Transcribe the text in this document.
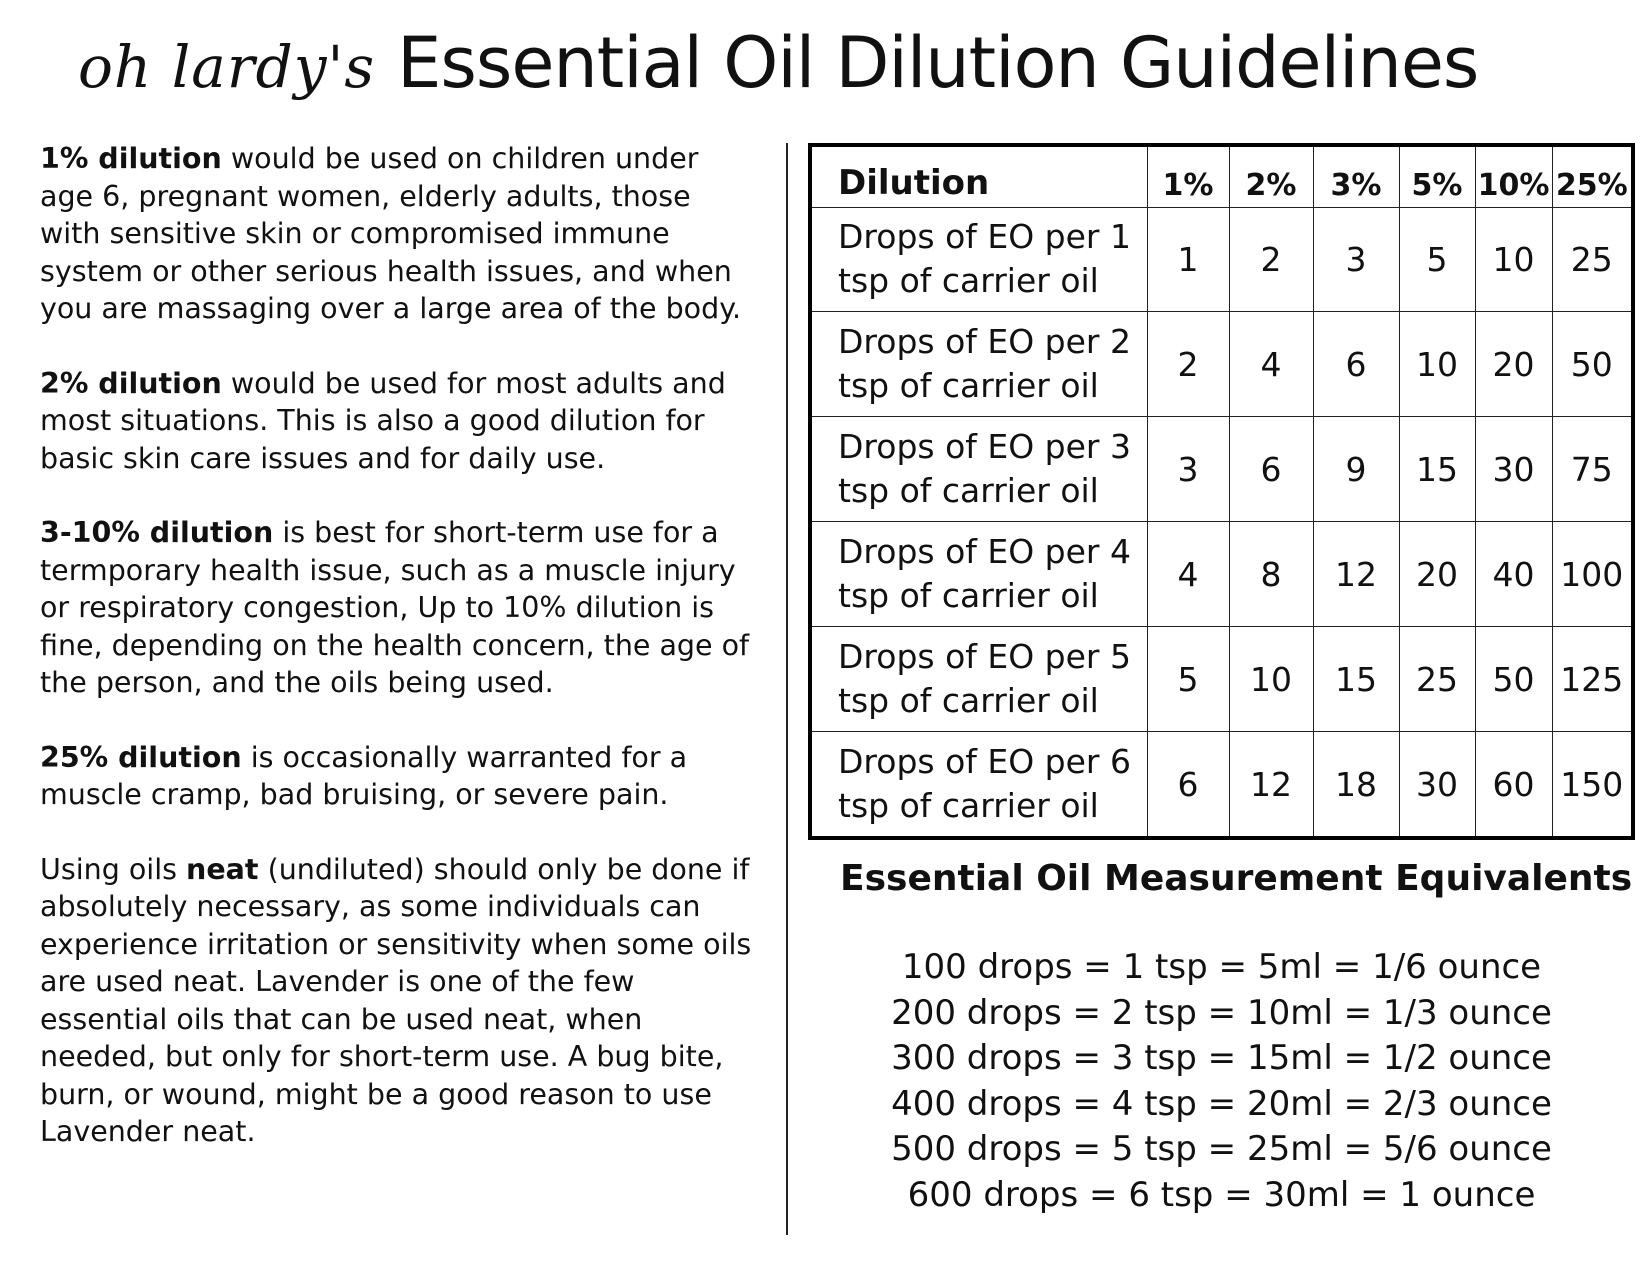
oh lardy's Essential Oil Dilution Guidelines

1% dilution would be used on children under age 6, pregnant women, elderly adults, those with sensitive skin or compromised immune system or other serious health issues, and when you are massaging over a large area of the body.

2% dilution would be used for most adults and most situations. This is also a good dilution for basic skin care issues and for daily use.

3-10% dilution is best for short-term use for a termporary health issue, such as a muscle injury or respiratory congestion, Up to 10% dilution is fine, depending on the health concern, the age of the person, and the oils being used.

25% dilution is occasionally warranted for a muscle cramp, bad bruising, or severe pain.

Using oils neat (undiluted) should only be done if absolutely necessary, as some individuals can experience irritation or sensitivity when some oils are used neat. Lavender is one of the few essential oils that can be used neat, when needed, but only for short-term use. A bug bite, burn, or wound, might be a good reason to use Lavender neat.

Dilution	1%	2%	3%	5%	10%	25%
Drops of EO per 1 tsp of carrier oil	1	2	3	5	10	25
Drops of EO per 2 tsp of carrier oil	2	4	6	10	20	50
Drops of EO per 3 tsp of carrier oil	3	6	9	15	30	75
Drops of EO per 4 tsp of carrier oil	4	8	12	20	40	100
Drops of EO per 5 tsp of carrier oil	5	10	15	25	50	125
Drops of EO per 6 tsp of carrier oil	6	12	18	30	60	150
Essential Oil Measurement Equivalents
100 drops = 1 tsp = 5ml = 1/6 ounce
200 drops = 2 tsp = 10ml = 1/3 ounce
300 drops = 3 tsp = 15ml = 1/2 ounce
400 drops = 4 tsp = 20ml = 2/3 ounce
500 drops = 5 tsp = 25ml = 5/6 ounce
600 drops = 6 tsp = 30ml = 1 ounce
